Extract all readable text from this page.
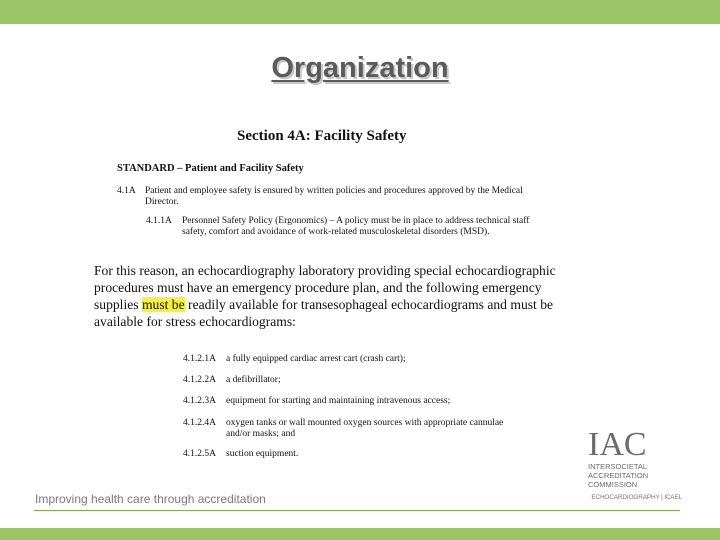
Organization
Section 4A: Facility Safety
STANDARD – Patient and Facility Safety
4.1A Patient and employee safety is ensured by written policies and procedures approved by the Medical Director.
4.1.1A Personnel Safety Policy (Ergonomics) – A policy must be in place to address technical staff safety, comfort and avoidance of work-related musculoskeletal disorders (MSD).
For this reason, an echocardiography laboratory providing special echocardiographic procedures must have an emergency procedure plan, and the following emergency supplies must be readily available for transesophageal echocardiograms and must be available for stress echocardiograms:
4.1.2.1A a fully equipped cardiac arrest cart (crash cart);
4.1.2.2A a defibrillator;
4.1.2.3A equipment for starting and maintaining intravenous access;
4.1.2.4A oxygen tanks or wall mounted oxygen sources with appropriate cannulae and/or masks; and
4.1.2.5A suction equipment.	IAC
INTERSOCIETAL
ACCREDITATION
COMMISSION
ECHOCARDIOGRAPHY | ICAEL
Improving health care through accreditation
